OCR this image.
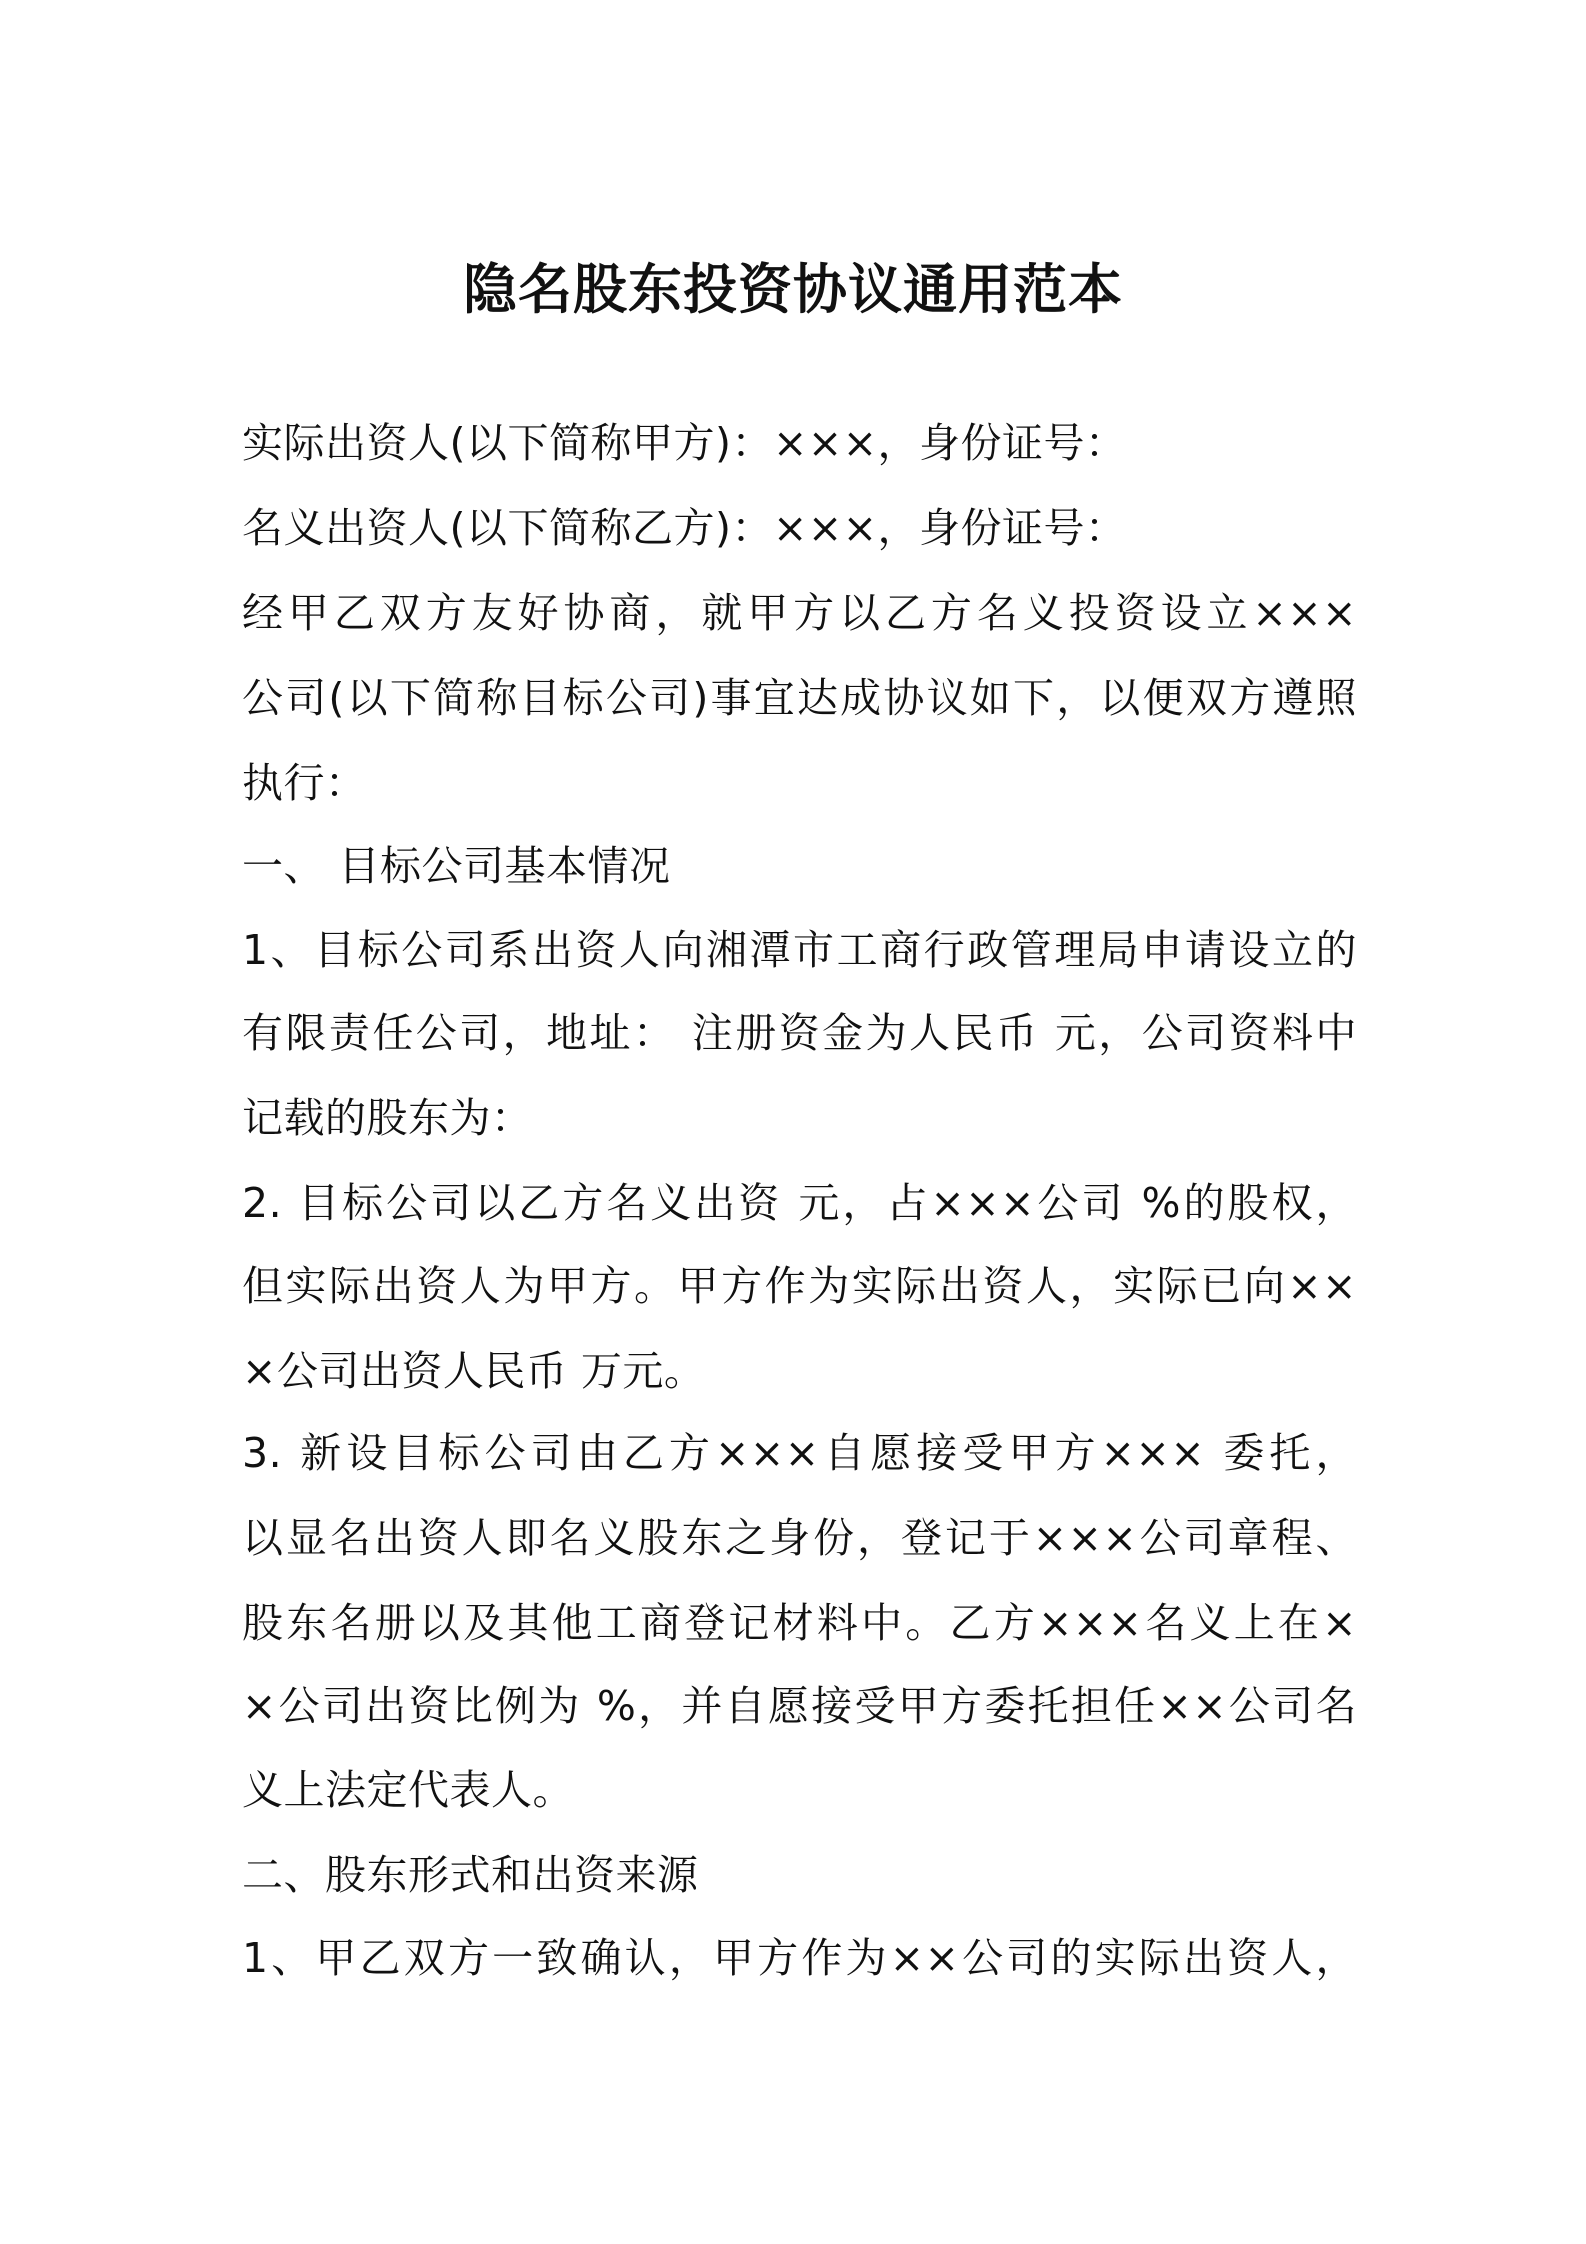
隐名股东投资协议通用范本
实际出资人(以下简称甲方)：×××，身份证号：
名义出资人(以下简称乙方)：×××，身份证号：
经甲乙双方友好协商，就甲方以乙方名义投资设立×××
公司(以下简称目标公司)事宜达成协议如下，以便双方遵照
执行：
一、 目标公司基本情况
1、目标公司系出资人向湘潭市工商行政管理局申请设立的
有限责任公司，地址： 注册资金为人民币 元，公司资料中
记载的股东为：
2. 目标公司以乙方名义出资 元，占×××公司 %的股权，
但实际出资人为甲方。甲方作为实际出资人，实际已向××
×公司出资人民币 万元。
3. 新设目标公司由乙方×××自愿接受甲方××× 委托，
以显名出资人即名义股东之身份，登记于×××公司章程、
股东名册以及其他工商登记材料中。乙方×××名义上在×
×公司出资比例为 %，并自愿接受甲方委托担任××公司名
义上法定代表人。
二、股东形式和出资来源
1、甲乙双方一致确认，甲方作为××公司的实际出资人，
